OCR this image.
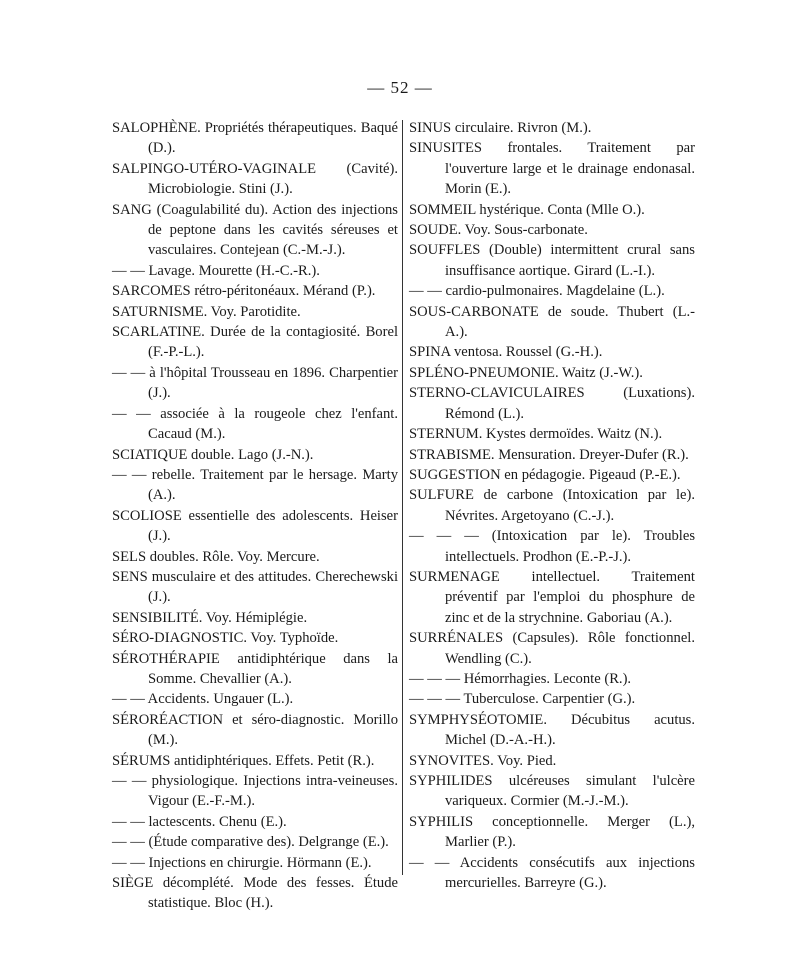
— 52 —

SALOPHÈNE. Propriétés thérapeutiques. Baqué (D.).

SALPINGO-UTÉRO-VAGINALE (Cavité). Microbiologie. Stini (J.).

SANG (Coagulabilité du). Action des injections de peptone dans les cavités séreuses et vasculaires. Contejean (C.-M.-J.).

— — Lavage. Mourette (H.-C.-R.).

SARCOMES rétro-péritonéaux. Mérand (P.).

SATURNISME. Voy. Parotidite.

SCARLATINE. Durée de la contagiosité. Borel (F.-P.-L.).

— — à l'hôpital Trousseau en 1896. Charpentier (J.).

— — associée à la rougeole chez l'enfant. Cacaud (M.).

SCIATIQUE double. Lago (J.-N.).

— — rebelle. Traitement par le hersage. Marty (A.).

SCOLIOSE essentielle des adolescents. Heiser (J.).

SELS doubles. Rôle. Voy. Mercure.

SENS musculaire et des attitudes. Cherechewski (J.).

SENSIBILITÉ. Voy. Hémiplégie.

SÉRO-DIAGNOSTIC. Voy. Typhoïde.

SÉROTHÉRAPIE antidiphtérique dans la Somme. Chevallier (A.).

— — Accidents. Ungauer (L.).

SÉRORÉACTION et séro-diagnostic. Morillo (M.).

SÉRUMS antidiphtériques. Effets. Petit (R.).

— — physiologique. Injections intra-veineuses. Vigour (E.-F.-M.).

— — lactescents. Chenu (E.).

— — (Étude comparative des). Delgrange (E.).

— — Injections en chirurgie. Hörmann (E.).

SIÈGE décomplété. Mode des fesses. Étude statistique. Bloc (H.).

SINUS circulaire. Rivron (M.).

SINUSITES frontales. Traitement par l'ouverture large et le drainage endonasal. Morin (E.).

SOMMEIL hystérique. Conta (Mlle O.).

SOUDE. Voy. Sous-carbonate.

SOUFFLES (Double) intermittent crural sans insuffisance aortique. Girard (L.-I.).

— — cardio-pulmonaires. Magdelaine (L.).

SOUS-CARBONATE de soude. Thubert (L.-A.).

SPINA ventosa. Roussel (G.-H.).

SPLÉNO-PNEUMONIE. Waitz (J.-W.).

STERNO-CLAVICULAIRES (Luxations). Rémond (L.).

STERNUM. Kystes dermoïdes. Waitz (N.).

STRABISME. Mensuration. Dreyer-Dufer (R.).

SUGGESTION en pédagogie. Pigeaud (P.-E.).

SULFURE de carbone (Intoxication par le). Névrites. Argetoyano (C.-J.).

— — — (Intoxication par le). Troubles intellectuels. Prodhon (E.-P.-J.).

SURMENAGE intellectuel. Traitement préventif par l'emploi du phosphure de zinc et de la strychnine. Gaboriau (A.).

SURRÉNALES (Capsules). Rôle fonctionnel. Wendling (C.).

— — — Hémorrhagies. Leconte (R.).

— — — Tuberculose. Carpentier (G.).

SYMPHYSÉOTOMIE. Décubitus acutus. Michel (D.-A.-H.).

SYNOVITES. Voy. Pied.

SYPHILIDES ulcéreuses simulant l'ulcère variqueux. Cormier (M.-J.-M.).

SYPHILIS conceptionnelle. Merger (L.), Marlier (P.).

— — Accidents consécutifs aux injections mercurielles. Barreyre (G.).
